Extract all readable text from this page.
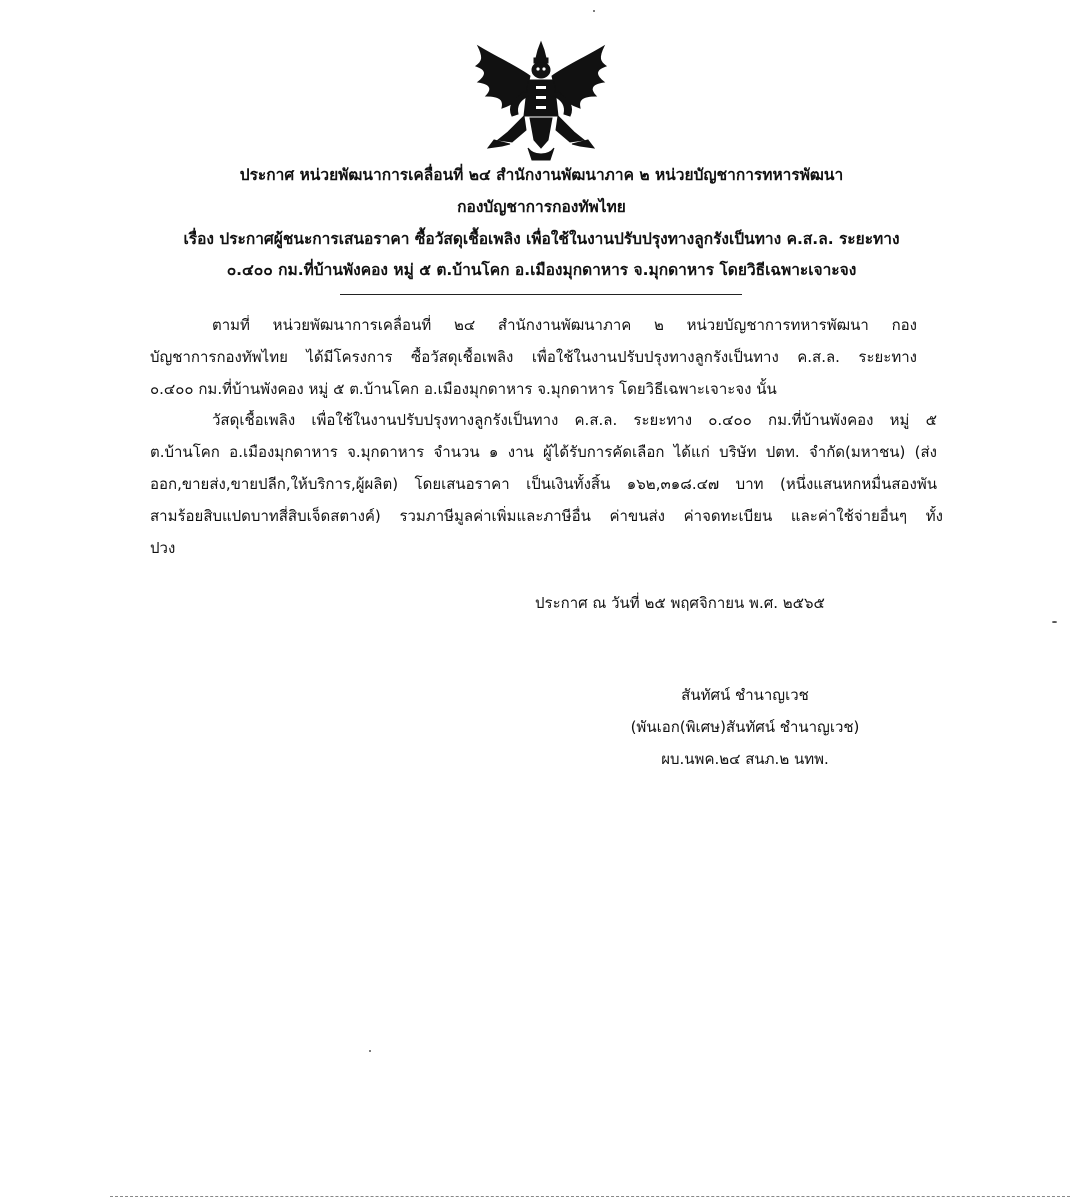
ประกาศ หน่วยพัฒนาการเคลื่อนที่ ๒๔ สำนักงานพัฒนาภาค ๒ หน่วยบัญชาการทหารพัฒนา
กองบัญชาการกองทัพไทย
เรื่อง ประกาศผู้ชนะการเสนอราคา ซื้อวัสดุเชื้อเพลิง เพื่อใช้ในงานปรับปรุงทางลูกรังเป็นทาง ค.ส.ล. ระยะทาง
๐.๔๐๐ กม.ที่บ้านพังคอง หมู่ ๕ ต.บ้านโคก อ.เมืองมุกดาหาร จ.มุกดาหาร โดยวิธีเฉพาะเจาะจง
ตามที่ หน่วยพัฒนาการเคลื่อนที่ ๒๔ สำนักงานพัฒนาภาค ๒ หน่วยบัญชาการทหารพัฒนา กอง
บัญชาการกองทัพไทย ได้มีโครงการ ซื้อวัสดุเชื้อเพลิง เพื่อใช้ในงานปรับปรุงทางลูกรังเป็นทาง ค.ส.ล. ระยะทาง
๐.๔๐๐ กม.ที่บ้านพังคอง หมู่ ๕ ต.บ้านโคก อ.เมืองมุกดาหาร จ.มุกดาหาร โดยวิธีเฉพาะเจาะจง นั้น
วัสดุเชื้อเพลิง เพื่อใช้ในงานปรับปรุงทางลูกรังเป็นทาง ค.ส.ล. ระยะทาง ๐.๔๐๐ กม.ที่บ้านพังคอง หมู่ ๕
ต.บ้านโคก อ.เมืองมุกดาหาร จ.มุกดาหาร จำนวน ๑ งาน ผู้ได้รับการคัดเลือก ได้แก่ บริษัท ปตท. จำกัด(มหาชน) (ส่ง
ออก,ขายส่ง,ขายปลีก,ให้บริการ,ผู้ผลิต) โดยเสนอราคา เป็นเงินทั้งสิ้น ๑๖๒,๓๑๘.๔๗ บาท (หนึ่งแสนหกหมื่นสองพัน
สามร้อยสิบแปดบาทสี่สิบเจ็ดสตางค์) รวมภาษีมูลค่าเพิ่มและภาษีอื่น ค่าขนส่ง ค่าจดทะเบียน และค่าใช้จ่ายอื่นๆ ทั้ง
ปวง
ประกาศ ณ วันที่ ๒๕ พฤศจิกายน พ.ศ. ๒๕๖๕
สันทัศน์ ชำนาญเวช
(พันเอก(พิเศษ)สันทัศน์ ชำนาญเวช)
ผบ.นพค.๒๔ สนภ.๒ นทพ.
